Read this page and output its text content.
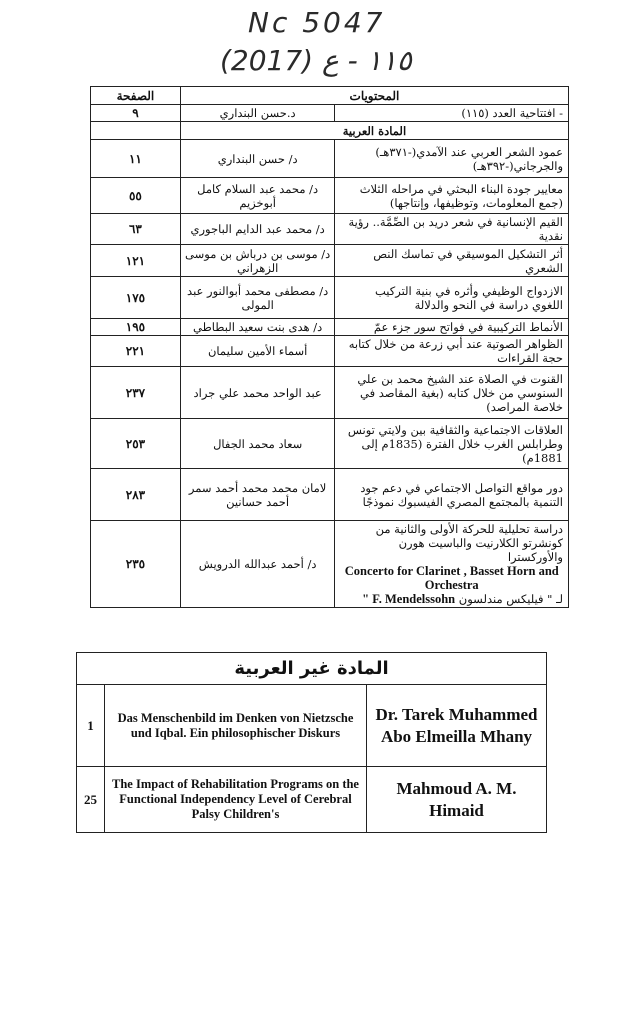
Nc 5047
(2017) ١١٥ - ع
المحتويات		الصفحة
- افتتاحية العدد (١١٥)	د.حسن البنداري	٩
المادة العربية		
عمود الشعر العربي عند الآمدي(-٣٧١هـ) والجرجاني(-٣٩٢هـ)	د/ حسن البنداري	١١
معايير جودة البناء البحثي في مراحله الثلاث (جمع المعلومات، وتوظيفها، وإنتاجها)	د/ محمد عبد السلام كامل أبوخزيم	٥٥
القيم الإنسانية في شعر دريد بن الصِّمَّة.. رؤية نقدية	د/ محمد عبد الدايم الباجوري	٦٣
أثر التشكيل الموسيقي في تماسك النص الشعري	د/ موسى بن درباش بن موسى الزهراني	١٢١
الازدواج الوظيفي وأثره في بنية التركيب اللغوي دراسة في النحو والدلالة	د/ مصطفى محمد أبوالنور عبد المولى	١٧٥
الأنماط التركيبية في فواتح سور جزء عمّ	د/ هدى بنت سعيد البطاطي	١٩٥
الظواهر الصوتية عند أبي زرعة من خلال كتابه حجة القراءات	أسماء الأمين سليمان	٢٢١
القنوت في الصلاة عند الشيخ محمد بن علي السنوسي من خلال كتابه (بغية المقاصد في خلاصة المراصد)	عبد الواحد محمد علي جراد	٢٣٧
العلاقات الاجتماعية والثقافية بين ولايتي تونس وطرابلس الغرب خلال الفترة (1835م إلى 1881م)	سعاد محمد الجفال	٢٥٣
دور مواقع التواصل الاجتماعي في دعم جود التنمية بالمجتمع المصري الفيسبوك نموذجًا	لامان محمد محمد أحمد سمر أحمد حسانين	٢٨٣
دراسة تحليلية للحركة الأولى والثانية من كونشرتو الكلارنيت والباسيت هورن والأوركسترا
Concerto for Clarinet , Basset Horn and Orchestra
لـ " فيليكس مندلسون F. Mendelssohn "	د/ أحمد عبدالله الدرويش	٢٣٥
المادة غير العربية		
1	Das Menschenbild im Denken von Nietzsche und Iqbal. Ein philosophischer Diskurs	Dr. Tarek Muhammed Abo Elmeilla Mhany
25	The Impact of Rehabilitation Programs on the Functional Independency Level of Cerebral Palsy Children's	Mahmoud A. M. Himaid
